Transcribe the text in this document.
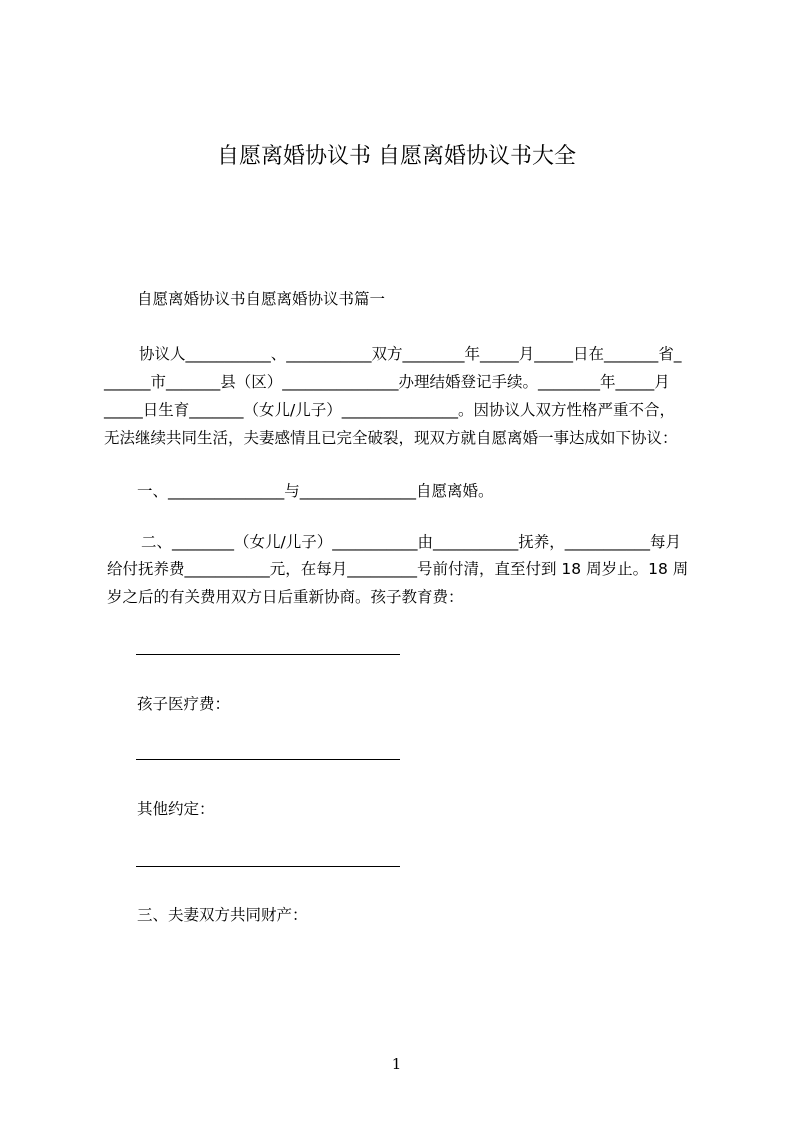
自愿离婚协议书 自愿离婚协议书大全
自愿离婚协议书自愿离婚协议书篇一
协议人___________、___________双方________年_____月_____日在_______省_
______市_______县（区）_______________办理结婚登记手续。________年_____月
_____日生育_______（女儿/儿子）_______________。因协议人双方性格严重不合，
无法继续共同生活，夫妻感情且已完全破裂，现双方就自愿离婚一事达成如下协议：
一、_______________与_______________自愿离婚。
二、________（女儿/儿子）___________由___________抚养，___________每月
给付抚养费___________元，在每月_________号前付清，直至付到 18 周岁止。18 周
岁之后的有关费用双方日后重新协商。孩子教育费：
孩子医疗费：
其他约定：
三、夫妻双方共同财产：
1
